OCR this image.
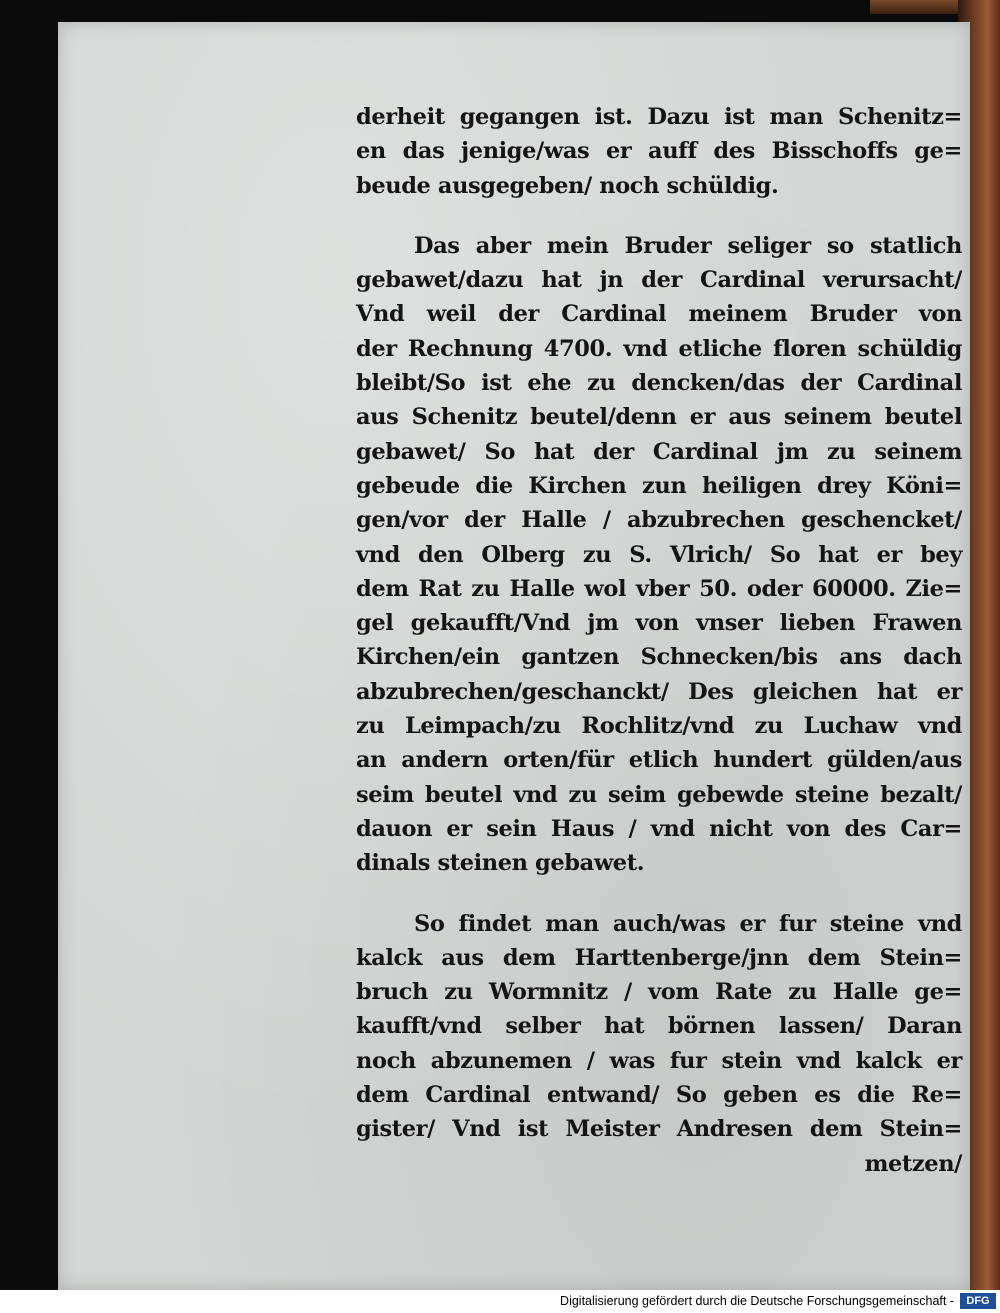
derheit gegangen ist. Dazu ist man Schenitz=
en das jenige/was er auff des Bisschoffs ge=
beude ausgegeben/ noch schüldig.
Das aber mein Bruder seliger so statlich
gebawet/dazu hat jn der Cardinal verursacht/
Vnd weil der Cardinal meinem Bruder von
der Rechnung 4700. vnd etliche floren schüldig
bleibt/So ist ehe zu dencken/das der Cardinal
aus Schenitz beutel/denn er aus seinem beutel
gebawet/ So hat der Cardinal jm zu seinem
gebeude die Kirchen zun heiligen drey Köni=
gen/vor der Halle / abzubrechen geschencket/
vnd den Olberg zu S. Vlrich/ So hat er bey
dem Rat zu Halle wol vber 50. oder 60000. Zie=
gel gekaufft/Vnd jm von vnser lieben Frawen
Kirchen/ein gantzen Schnecken/bis ans dach
abzubrechen/geschanckt/ Des gleichen hat er
zu Leimpach/zu Rochlitz/vnd zu Luchaw vnd
an andern orten/für etlich hundert gülden/aus
seim beutel vnd zu seim gebewde steine bezalt/
dauon er sein Haus / vnd nicht von des Car=
dinals steinen gebawet.
So findet man auch/was er fur steine vnd
kalck aus dem Harttenberge/jnn dem Stein=
bruch zu Wormnitz / vom Rate zu Halle ge=
kaufft/vnd selber hat börnen lassen/ Daran
noch abzunemen / was fur stein vnd kalck er
dem Cardinal entwand/ So geben es die Re=
gister/ Vnd ist Meister Andresen dem Stein=
metzen/
Digitalisierung gefördert durch die Deutsche Forschungsgemeinschaft -	DFG
